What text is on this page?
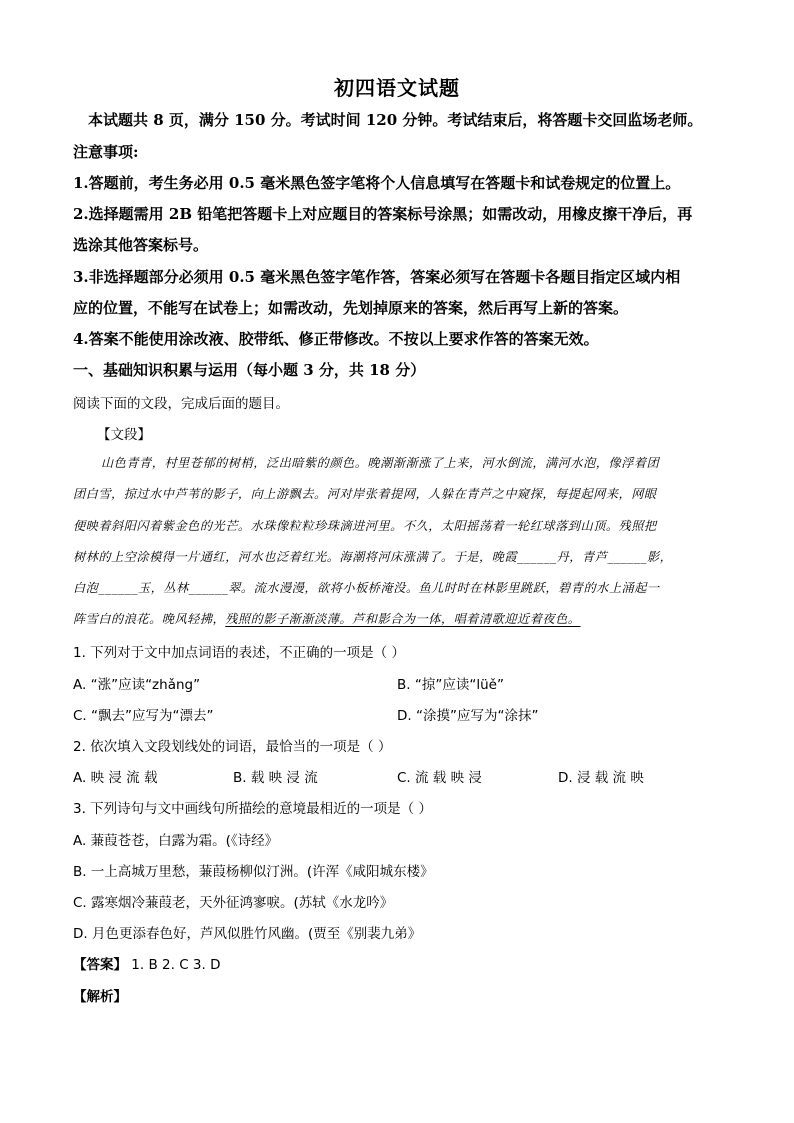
初四语文试题
本试题共 8 页，满分 150 分。考试时间 120 分钟。考试结束后，将答题卡交回监场老师。
注意事项:
1.答题前，考生务必用 0.5 毫米黑色签字笔将个人信息填写在答题卡和试卷规定的位置上。
2.选择题需用 2B 铅笔把答题卡上对应题目的答案标号涂黑；如需改动，用橡皮擦干净后，再
选涂其他答案标号。
3.非选择题部分必须用 0.5 毫米黑色签字笔作答，答案必须写在答题卡各题目指定区域内相
应的位置，不能写在试卷上；如需改动，先划掉原来的答案，然后再写上新的答案。
4.答案不能使用涂改液、胶带纸、修正带修改。不按以上要求作答的答案无效。
一、基础知识积累与运用（每小题 3 分，共 18 分）
阅读下面的文段，完成后面的题目。
【文段】
山色青青，村里苍郁的树梢，泛出暗紫的颜色。晚潮渐渐涨了上来，河水倒流，满河水泡，像浮着团
团白雪，掠过水中芦苇的影子，向上游飘去。河对岸张着提网，人躲在青芦之中窥探，每提起网来，网眼
便映着斜阳闪着紫金色的光芒。水珠像粒粒珍珠滴进河里。不久，太阳摇荡着一轮红球落到山顶。残照把
树林的上空涂模得一片通红，河水也泛着红光。海潮将河床涨满了。于是，晚霞______丹，青芦______影，
白泡______玉，丛林______翠。流水漫漫，欲将小板桥淹没。鱼儿时时在林影里跳跃，碧青的水上涌起一
阵雪白的浪花。晚风轻拂，残照的影子渐渐淡薄。芦和影合为一体，唱着清歌迎近着夜色。
1. 下列对于文中加点词语的表述，不正确的一项是（ ）
A. “涨”应读“zhǎng”	B. “掠”应读“lüě”
C. “飘去”应写为“漂去”	D. “涂摸”应写为“涂抹”
2. 依次填入文段划线处的词语，最恰当的一项是（ ）
A. 映 浸 流 载	B. 载 映 浸 流	C. 流 载 映 浸	D. 浸 载 流 映
3. 下列诗句与文中画线句所描绘的意境最相近的一项是（ ）
A. 蒹葭苍苍，白露为霜。(《诗经》
B. 一上高城万里愁，蒹葭杨柳似汀洲。(许浑《咸阳城东楼》
C. 露寒烟冷蒹葭老，天外征鸿寥唳。(苏轼《水龙吟》
D. 月色更添春色好，芦风似胜竹风幽。(贾至《别裴九弟》
【答案】 1. B 2. C 3. D
【解析】
